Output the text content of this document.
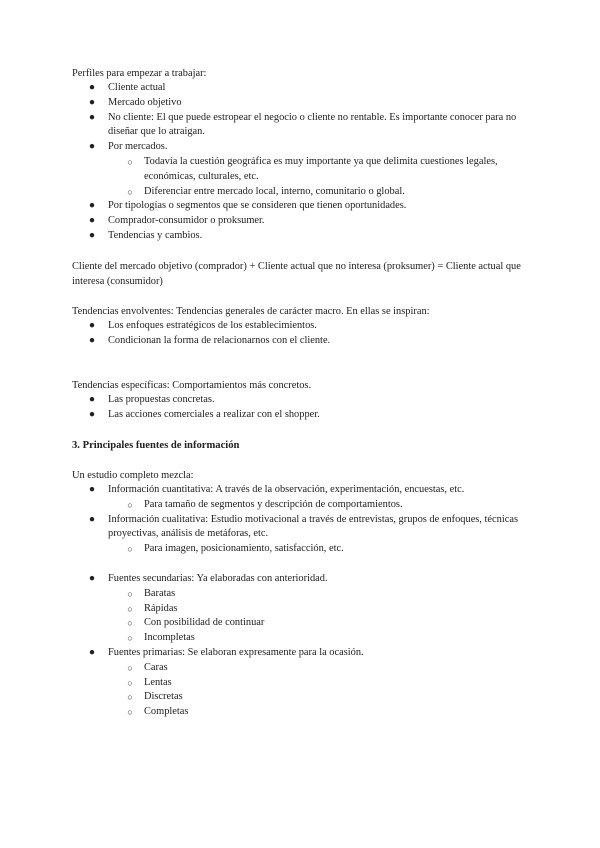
Perfiles para empezar a trabajar:

● Cliente actual
● Mercado objetivo
● No cliente: El que puede estropear el negocio o cliente no rentable. Es importante conocer para no diseñar que lo atraigan.
● Por mercados.
○ Todavía la cuestión geográfica es muy importante ya que delimita cuestiones legales, económicas, culturales, etc.
○ Diferenciar entre mercado local, interno, comunitario o global.
● Por tipologías o segmentos que se consideren que tienen oportunidades.
● Comprador-consumidor o proksumer.
● Tendencias y cambios.

Cliente del mercado objetivo (comprador) + Cliente actual que no interesa (proksumer) = Cliente actual que interesa (consumidor)

Tendencias envolventes: Tendencias generales de carácter macro. En ellas se inspiran:

● Los enfoques estratégicos de los establecimientos.
● Condicionan la forma de relacionarnos con el cliente.

Tendencias específicas: Comportamientos más concretos.

● Las propuestas concretas.
● Las acciones comerciales a realizar con el shopper.
3. Principales fuentes de información

Un estudio completo mezcla:

● Información cuantitativa: A través de la observación, experimentación, encuestas, etc.
○ Para tamaño de segmentos y descripción de comportamientos.
● Información cualitativa: Estudio motivacional a través de entrevistas, grupos de enfoques, técnicas proyectivas, análisis de metáforas, etc.
○ Para imagen, posicionamiento, satisfacción, etc.
● Fuentes secundarias: Ya elaboradas con anterioridad.
○ Baratas
○ Rápidas
○ Con posibilidad de continuar
○ Incompletas
● Fuentes primarias: Se elaboran expresamente para la ocasión.
○ Caras
○ Lentas
○ Discretas
○ Completas
